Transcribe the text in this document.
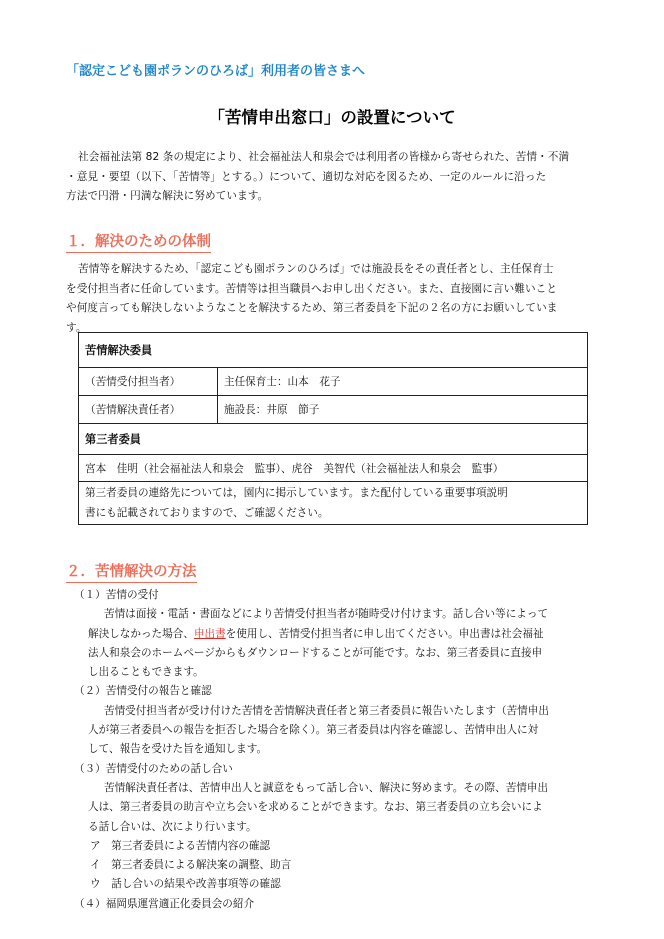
「認定こども園ポランのひろば」利用者の皆さまへ
「苦情申出窓口」の設置について
社会福祉法第 82 条の規定により、社会福祉法人和泉会では利用者の皆様から寄せられた、苦情・不満
・意見・要望（以下、「苦情等」とする。）について、適切な対応を図るため、一定のルールに沿った
方法で円滑・円満な解決に努めています。
１．解決のための体制
苦情等を解決するため、「認定こども園ポランのひろば」では施設長をその責任者とし、主任保育士
を受付担当者に任命しています。苦情等は担当職員へお申し出ください。また、直接園に言い難いこと
や何度言っても解決しないようなことを解決するため、第三者委員を下記の２名の方にお願いしていま
す。
苦情解決委員	
（苦情受付担当者）	主任保育士：山本　花子
（苦情解決責任者）	施設長：井原　節子
第三者委員	
宮本　佳明（社会福祉法人和泉会　監事）、虎谷　美智代（社会福祉法人和泉会　監事）	

第三者委員の連絡先については，園内に掲示しています。また配付している重要事項説明
書にも記載されておりますので、ご確認ください。	
２．苦情解決の方法
（１）苦情の受付
苦情は面接・電話・書面などにより苦情受付担当者が随時受け付けます。話し合い等によって
解決しなかった場合、申出書を使用し、苦情受付担当者に申し出てください。申出書は社会福祉
法人和泉会のホームページからもダウンロードすることが可能です。なお、第三者委員に直接申
し出ることもできます。
（２）苦情受付の報告と確認
苦情受付担当者が受け付けた苦情を苦情解決責任者と第三者委員に報告いたします（苦情申出
人が第三者委員への報告を拒否した場合を除く）。第三者委員は内容を確認し、苦情申出人に対
して、報告を受けた旨を通知します。
（３）苦情受付のための話し合い
苦情解決責任者は、苦情申出人と誠意をもって話し合い、解決に努めます。その際、苦情申出
人は、第三者委員の助言や立ち会いを求めることができます。なお、第三者委員の立ち会いによ
る話し合いは、次により行います。
ア　第三者委員による苦情内容の確認
イ　第三者委員による解決案の調整、助言
ウ　話し合いの結果や改善事項等の確認
（４）福岡県運営適正化委員会の紹介
